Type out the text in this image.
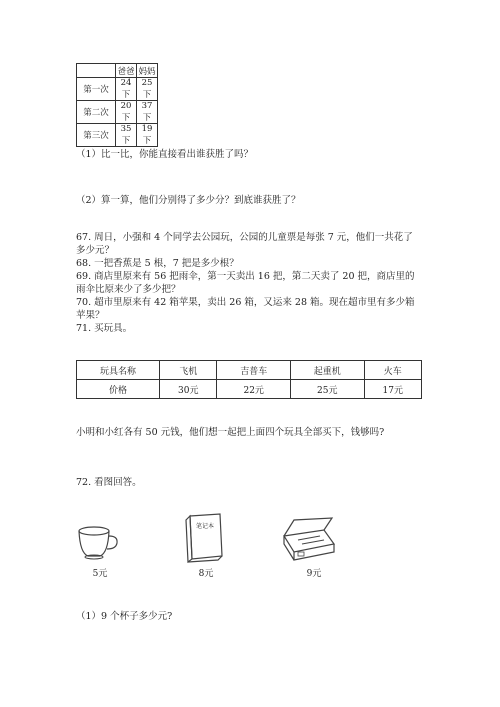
	爸爸	妈妈
第一次	24下	25下
第二次	20下	37下
第三次	35下	19下
（1）比一比，你能直接看出谁获胜了吗？
（2）算一算，他们分别得了多少分？到底谁获胜了？
67. 周日，小强和 4 个同学去公园玩，公园的儿童票是每张 7 元，他们一共花了
多少元？
68. 一把香蕉是 5 根，7 把是多少根？
69. 商店里原来有 56 把雨伞，第一天卖出 16 把，第二天卖了 20 把，商店里的
雨伞比原来少了多少把？
70. 超市里原来有 42 箱苹果，卖出 26 箱，又运来 28 箱。现在超市里有多少箱
苹果？
71. 买玩具。
玩具名称	飞机	吉普车	起重机	火车
价格	30元	22元	25元	17元
小明和小红各有 50 元钱，他们想一起把上面四个玩具全部买下，钱够吗?
72. 看图回答。
5元
笔记本
8元	9元
（1）9 个杯子多少元?
